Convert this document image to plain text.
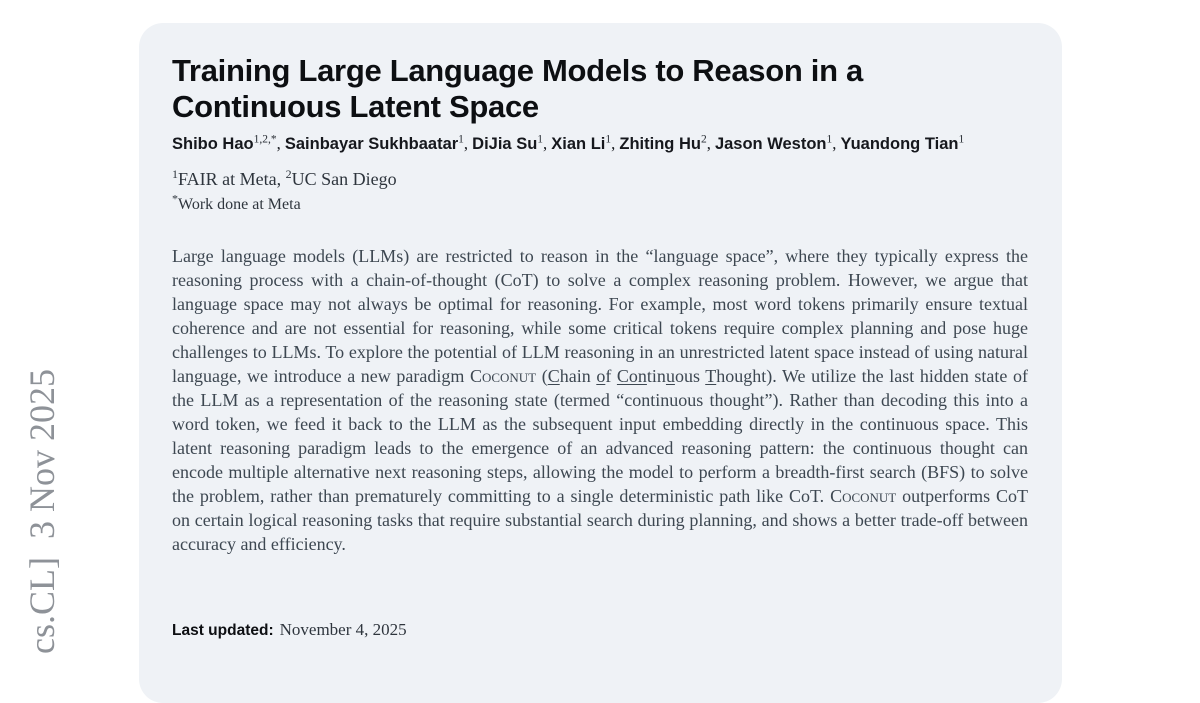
cs.CL]  3 Nov 2025
Training Large Language Models to Reason in a Continuous Latent Space
Shibo Hao$^{1,2,*}$, Sainbayar Sukhbaatar$^1$, DiJia Su$^1$, Xian Li$^1$, Zhiting Hu$^2$, Jason Weston$^1$, Yuandong Tian$^1$
$^1$FAIR at Meta, $^2$UC San Diego
*Work done at Meta
Large language models (LLMs) are restricted to reason in the “language space”, where they typically express the reasoning process with a chain-of-thought (CoT) to solve a complex reasoning problem. However, we argue that language space may not always be optimal for reasoning. For example, most word tokens primarily ensure textual coherence and are not essential for reasoning, while some critical tokens require complex planning and pose huge challenges to LLMs. To explore the potential of LLM reasoning in an unrestricted latent space instead of using natural language, we introduce a new paradigm Coconut (Chain of Continuous Thought). We utilize the last hidden state of the LLM as a representation of the reasoning state (termed “continuous thought”). Rather than decoding this into a word token, we feed it back to the LLM as the subsequent input embedding directly in the continuous space. This latent reasoning paradigm leads to the emergence of an advanced reasoning pattern: the continuous thought can encode multiple alternative next reasoning steps, allowing the model to perform a breadth-first search (BFS) to solve the problem, rather than prematurely committing to a single deterministic path like CoT. Coconut outperforms CoT on certain logical reasoning tasks that require substantial search during planning, and shows a better trade-off between accuracy and efficiency.
Last updated: November 4, 2025
